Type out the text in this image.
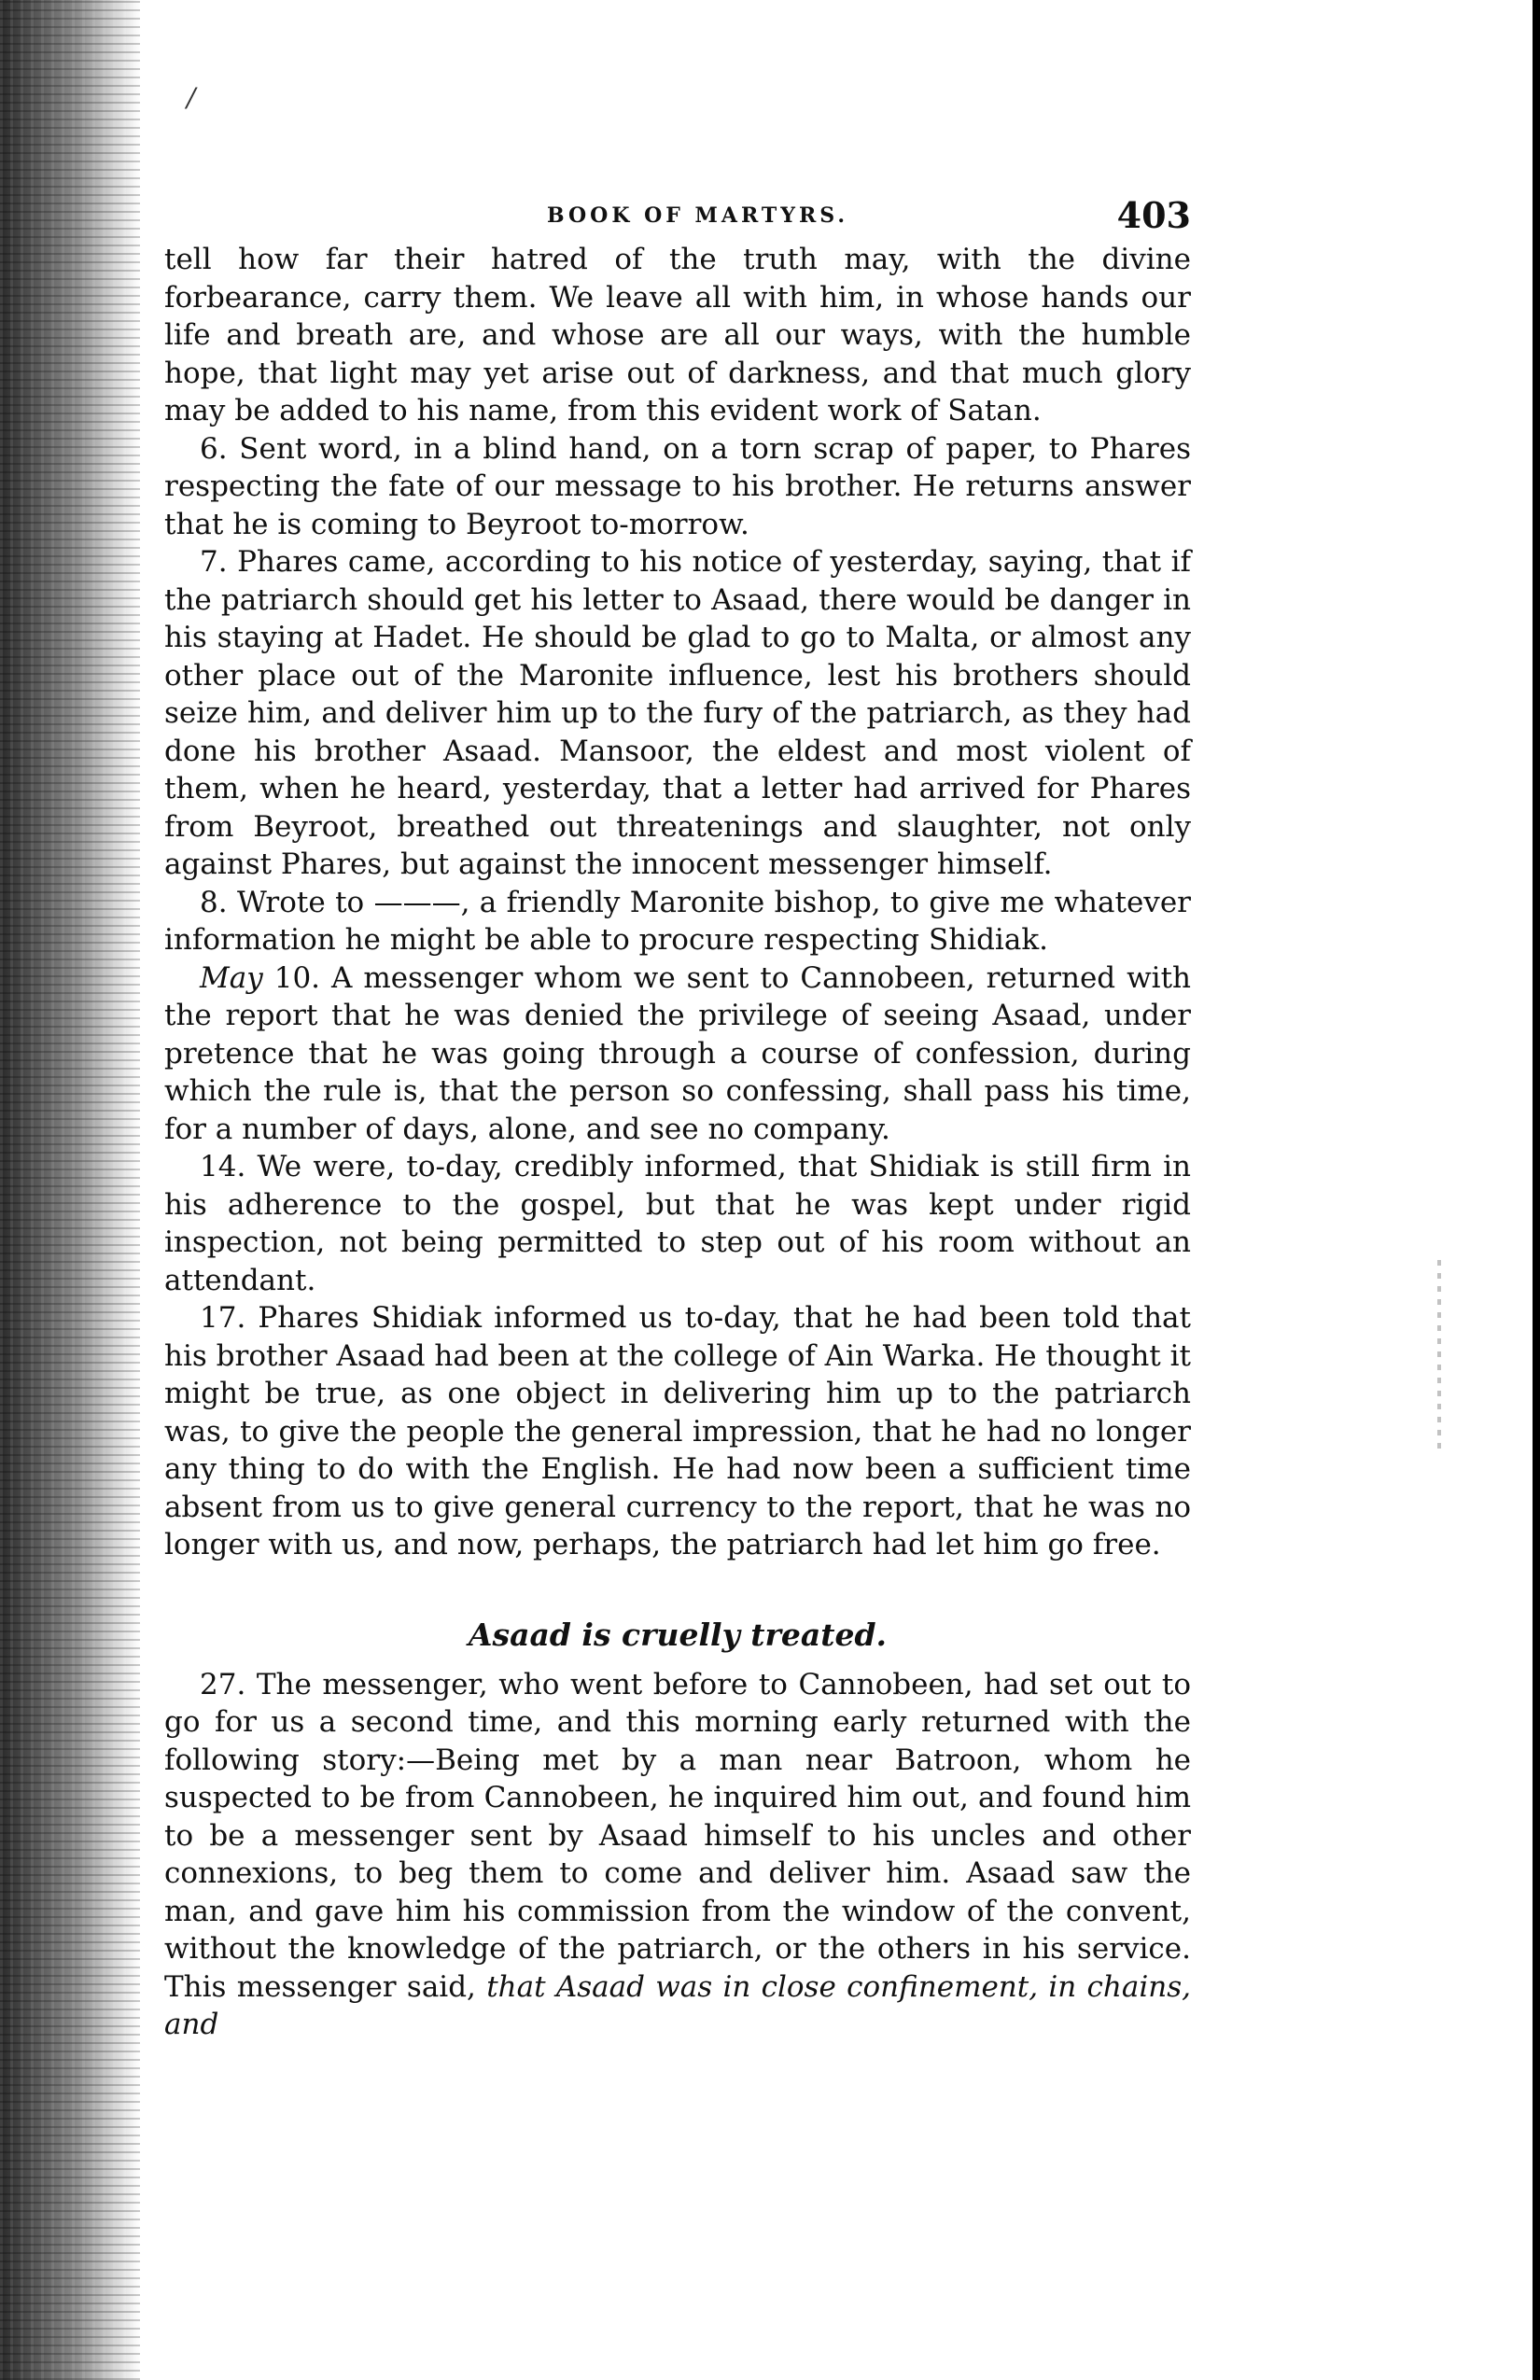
/
BOOK OF MARTYRS.	403

tell how far their hatred of the truth may, with the divine forbearance, carry them. We leave all with him, in whose hands our life and breath are, and whose are all our ways, with the humble hope, that light may yet arise out of darkness, and that much glory may be added to his name, from this evident work of Satan.

6. Sent word, in a blind hand, on a torn scrap of paper, to Phares respecting the fate of our message to his brother. He returns answer that he is coming to Beyroot to-morrow.

7. Phares came, according to his notice of yesterday, saying, that if the patriarch should get his letter to Asaad, there would be danger in his staying at Hadet. He should be glad to go to Malta, or almost any other place out of the Maronite influence, lest his brothers should seize him, and deliver him up to the fury of the patriarch, as they had done his brother Asaad. Mansoor, the eldest and most violent of them, when he heard, yesterday, that a letter had arrived for Phares from Beyroot, breathed out threatenings and slaughter, not only against Phares, but against the innocent messenger himself.

8. Wrote to ———, a friendly Maronite bishop, to give me whatever information he might be able to procure respecting Shidiak.

May 10. A messenger whom we sent to Cannobeen, returned with the report that he was denied the privilege of seeing Asaad, under pretence that he was going through a course of confession, during which the rule is, that the person so confessing, shall pass his time, for a number of days, alone, and see no company.

14. We were, to-day, credibly informed, that Shidiak is still firm in his adherence to the gospel, but that he was kept under rigid inspection, not being permitted to step out of his room without an attendant.

17. Phares Shidiak informed us to-day, that he had been told that his brother Asaad had been at the college of Ain Warka. He thought it might be true, as one object in delivering him up to the patriarch was, to give the people the general impression, that he had no longer any thing to do with the English. He had now been a sufficient time absent from us to give general currency to the report, that he was no longer with us, and now, perhaps, the patriarch had let him go free.

Asaad is cruelly treated.

27. The messenger, who went before to Cannobeen, had set out to go for us a second time, and this morning early returned with the following story:—Being met by a man near Batroon, whom he suspected to be from Cannobeen, he inquired him out, and found him to be a messenger sent by Asaad himself to his uncles and other connexions, to beg them to come and deliver him. Asaad saw the man, and gave him his commission from the window of the convent, without the knowledge of the patriarch, or the others in his service. This messenger said, that Asaad was in close confinement, in chains, and
